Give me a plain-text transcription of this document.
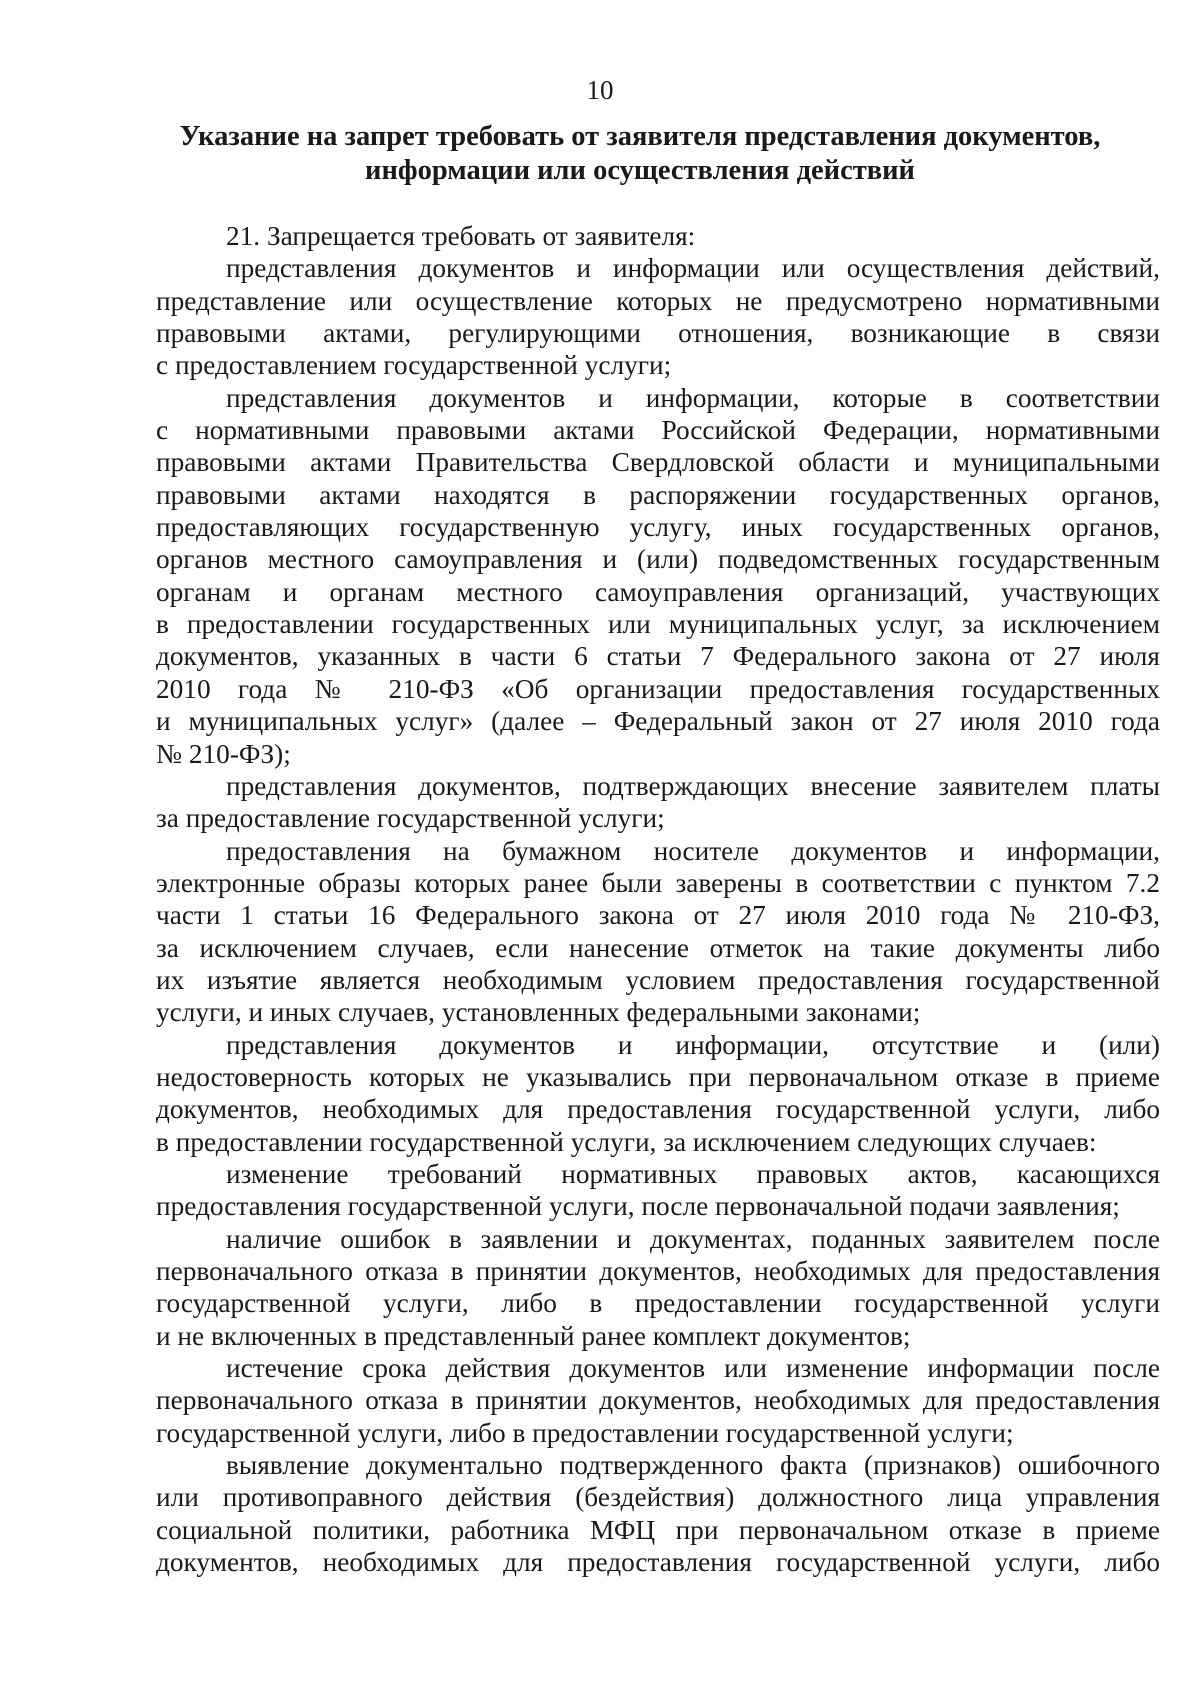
10
Указание на запрет требовать от заявителя представления документов,
информации или осуществления действий
21. Запрещается требовать от заявителя:
представления документов и информации или осуществления действий,
представление или осуществление которых не предусмотрено нормативными
правовыми актами, регулирующими отношения, возникающие в связи
с предоставлением государственной услуги;
представления документов и информации, которые в соответствии
с нормативными правовыми актами Российской Федерации, нормативными
правовыми актами Правительства Свердловской области и муниципальными
правовыми актами находятся в распоряжении государственных органов,
предоставляющих государственную услугу, иных государственных органов,
органов местного самоуправления и (или) подведомственных государственным
органам и органам местного самоуправления организаций, участвующих
в предоставлении государственных или муниципальных услуг, за исключением
документов, указанных в части 6 статьи 7 Федерального закона от 27 июля
2010 года № 210-ФЗ «Об организации предоставления государственных
и муниципальных услуг» (далее – Федеральный закон от 27 июля 2010 года
№ 210-ФЗ);
представления документов, подтверждающих внесение заявителем платы
за предоставление государственной услуги;
предоставления на бумажном носителе документов и информации,
электронные образы которых ранее были заверены в соответствии с пунктом 7.2
части 1 статьи 16 Федерального закона от 27 июля 2010 года № 210-ФЗ,
за исключением случаев, если нанесение отметок на такие документы либо
их изъятие является необходимым условием предоставления государственной
услуги, и иных случаев, установленных федеральными законами;
представления документов и информации, отсутствие и (или)
недостоверность которых не указывались при первоначальном отказе в приеме
документов, необходимых для предоставления государственной услуги, либо
в предоставлении государственной услуги, за исключением следующих случаев:
изменение требований нормативных правовых актов, касающихся
предоставления государственной услуги, после первоначальной подачи заявления;
наличие ошибок в заявлении и документах, поданных заявителем после
первоначального отказа в принятии документов, необходимых для предоставления
государственной услуги, либо в предоставлении государственной услуги
и не включенных в представленный ранее комплект документов;
истечение срока действия документов или изменение информации после
первоначального отказа в принятии документов, необходимых для предоставления
государственной услуги, либо в предоставлении государственной услуги;
выявление документально подтвержденного факта (признаков) ошибочного
или противоправного действия (бездействия) должностного лица управления
социальной политики, работника МФЦ при первоначальном отказе в приеме
документов, необходимых для предоставления государственной услуги, либо
